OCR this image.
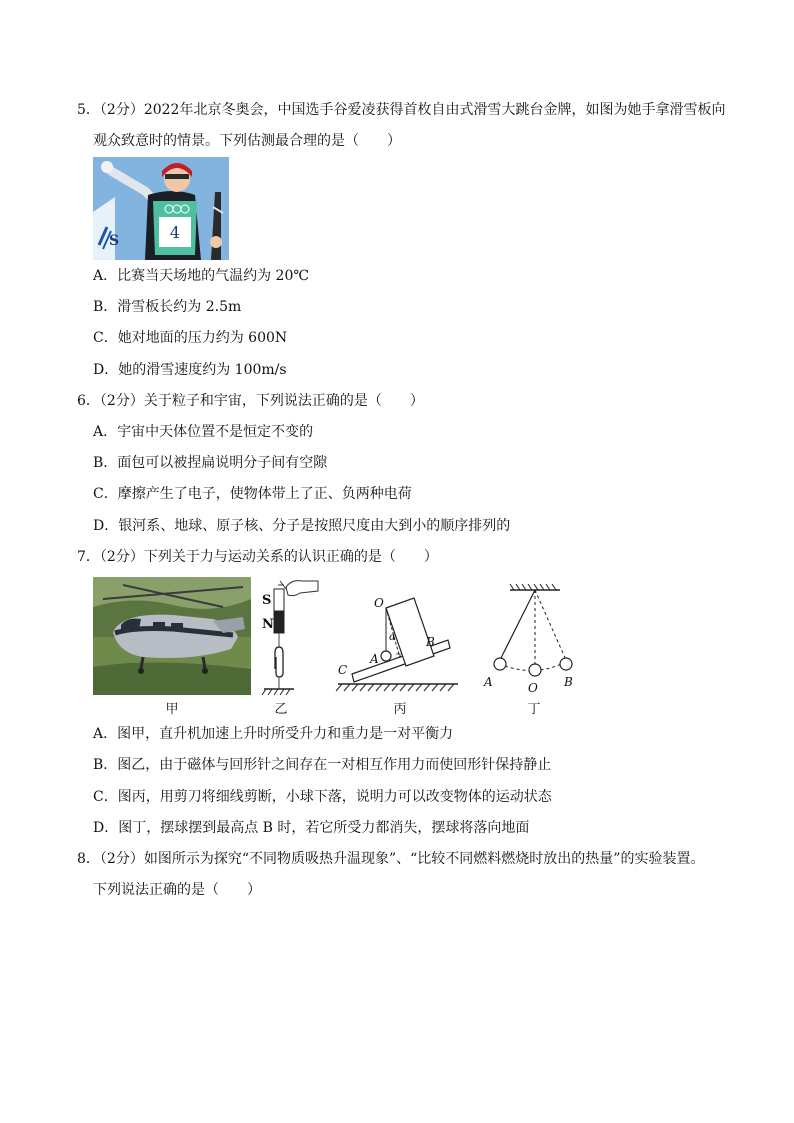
5．（2分）2022年北京冬奥会，中国选手谷爱凌获得首枚自由式滑雪大跳台金牌，如图为她手拿滑雪板向
观众致意时的情景。下列估测最合理的是（　　）
S	4
A．比赛当天场地的气温约为 20℃
B．滑雪板长约为 2.5m
C．她对地面的压力约为 600N
D．她的滑雪速度约为 100m/s
6．（2分）关于粒子和宇宙，下列说法正确的是（　　）
A．宇宙中天体位置不是恒定不变的
B．面包可以被捏扁说明分子间有空隙
C．摩擦产生了电子，使物体带上了正、负两种电荷
D．银河系、地球、原子核、分子是按照尺度由大到小的顺序排列的
7．（2分）下列关于力与运动关系的认识正确的是（　　）
甲
S
N
乙
O
α
A
B
C
丙
A	O B
丁
A．图甲，直升机加速上升时所受升力和重力是一对平衡力
B．图乙，由于磁体与回形针之间存在一对相互作用力而使回形针保持静止
C．图丙，用剪刀将细线剪断，小球下落，说明力可以改变物体的运动状态
D．图丁，摆球摆到最高点 B 时，若它所受力都消失，摆球将落向地面
8．（2分）如图所示为探究“不同物质吸热升温现象”、“比较不同燃料燃烧时放出的热量”的实验装置。
下列说法正确的是（　　）
